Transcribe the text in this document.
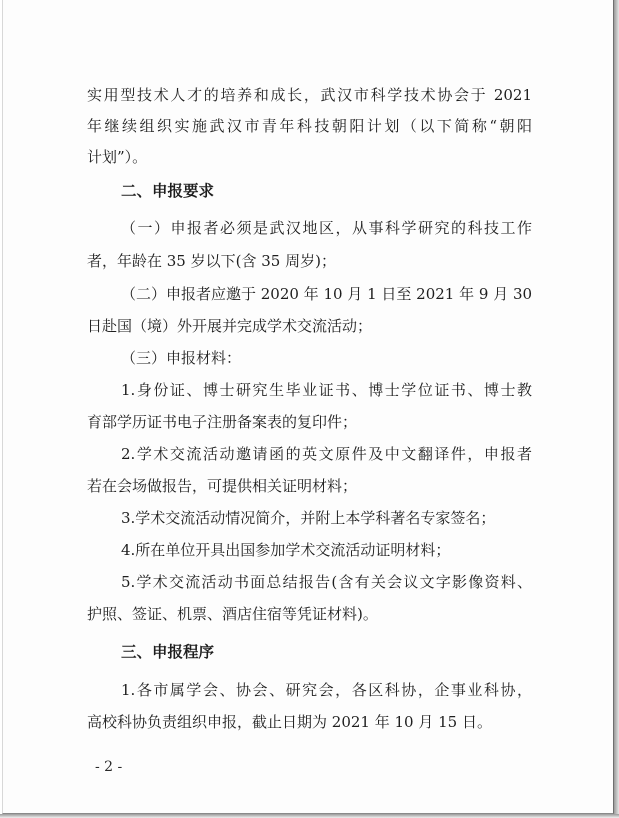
实用型技术人才的培养和成长，武汉市科学技术协会于 2021
年继续组织实施武汉市青年科技朝阳计划（以下简称“朝阳
计划”）。
二、申报要求
（一）申报者必须是武汉地区，从事科学研究的科技工作
者，年龄在 35 岁以下(含 35 周岁)；
（二）申报者应邀于 2020 年 10 月 1 日至 2021 年 9 月 30
日赴国（境）外开展并完成学术交流活动；
（三）申报材料：
1.身份证、博士研究生毕业证书、博士学位证书、博士教
育部学历证书电子注册备案表的复印件；
2.学术交流活动邀请函的英文原件及中文翻译件，申报者
若在会场做报告，可提供相关证明材料；
3.学术交流活动情况简介，并附上本学科著名专家签名；
4.所在单位开具出国参加学术交流活动证明材料；
5.学术交流活动书面总结报告(含有关会议文字影像资料、
护照、签证、机票、酒店住宿等凭证材料)。
三、申报程序
1.各市属学会、协会、研究会，各区科协，企事业科协，
高校科协负责组织申报，截止日期为 2021 年 10 月 15 日。
- 2 -
